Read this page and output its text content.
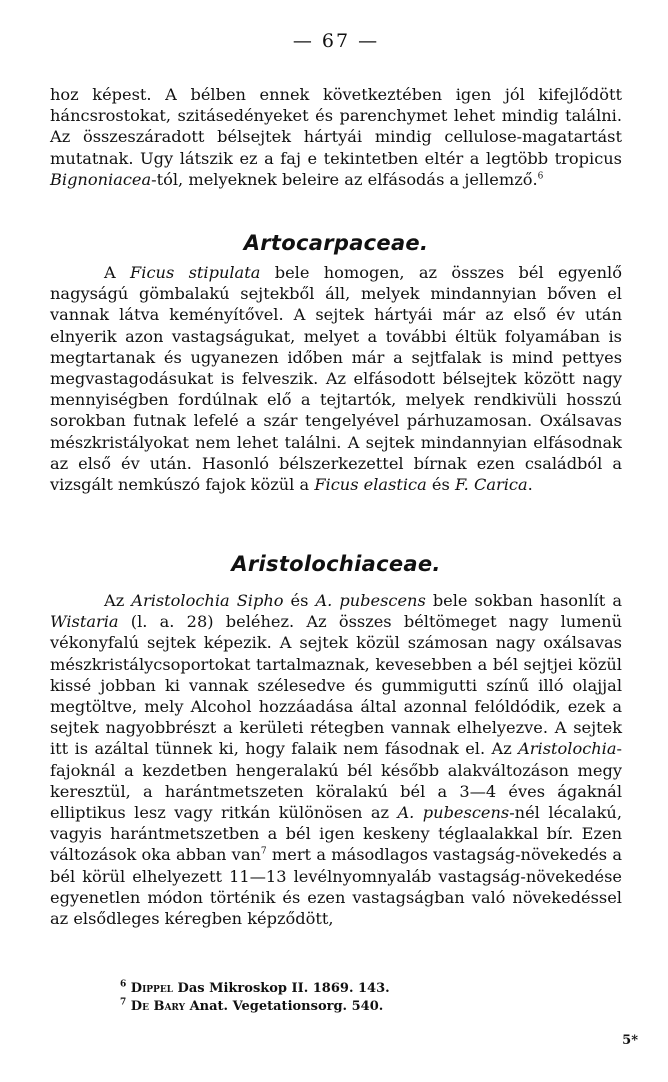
— 67 —

hoz képest. A bélben ennek következtében igen jól kifejlődött háncsrostokat, szitásedényeket és parenchymet lehet mindig találni. Az összeszáradott bélsejtek hártyái mindig cellulose-magatartást mutatnak. Ugy látszik ez a faj e tekintetben eltér a legtöbb tropicus Bignoniacea-tól, melyeknek beleire az elfásodás a jellemző.$^6$

Artocarpaceae.

A Ficus stipulata bele homogen, az összes bél egyenlő nagyságú gömbalakú sejtekből áll, melyek mindannyian bőven el vannak látva keményítővel. A sejtek hártyái már az első év után elnyerik azon vastagságukat, melyet a további éltük folyamában is megtartanak és ugyanezen időben már a sejtfalak is mind pettyes megvastagodásukat is felveszik. Az elfásodott bélsejtek között nagy mennyiségben fordúlnak elő a tejtartók, melyek rendkivüli hosszú sorokban futnak lefelé a szár tengelyével párhuzamosan. Oxálsavas mészkristályokat nem lehet találni. A sejtek mindannyian elfásodnak az első év után. Hasonló bélszerkezettel bírnak ezen családból a vizsgált nemkúszó fajok közül a Ficus elastica és F. Carica.

Aristolochiaceae.

Az Aristolochia Sipho és A. pubescens bele sokban hasonlít a Wistaria (l. a. 28) beléhez. Az összes béltömeget nagy lumenü vékonyfalú sejtek képezik. A sejtek közül számosan nagy oxálsavas mészkristálycsoportokat tartalmaznak, kevesebben a bél sejtjei közül kissé jobban ki vannak szélesedve és gummigutti színű illó olajjal megtöltve, mely Alcohol hozzáadása által azonnal felóldódik, ezek a sejtek nagyobbrészt a kerületi rétegben vannak elhelyezve. A sejtek itt is azáltal tünnek ki, hogy falaik nem fásodnak el. Az Aristolochia-fajoknál a kezdetben hengeralakú bél később alakváltozáson megy keresztül, a harántmetszeten köralakú bél a 3—4 éves ágaknál elliptikus lesz vagy ritkán különösen az A. pubescens-nél lécalakú, vagyis harántmetszetben a bél igen keskeny téglaalakkal bír. Ezen változások oka abban van$^7$ mert a másodlagos vastagság-növekedés a bél körül elhelyezett 11—13 levélnyomnyaláb vastagság-növekedése egyenetlen módon történik és ezen vastagságban való növekedéssel az elsődleges kéregben képződött,

$^6$ Dippel Das Mikroskop II. 1869. 143.
$^7$ De Bary Anat. Vegetationsorg. 540.
5*
